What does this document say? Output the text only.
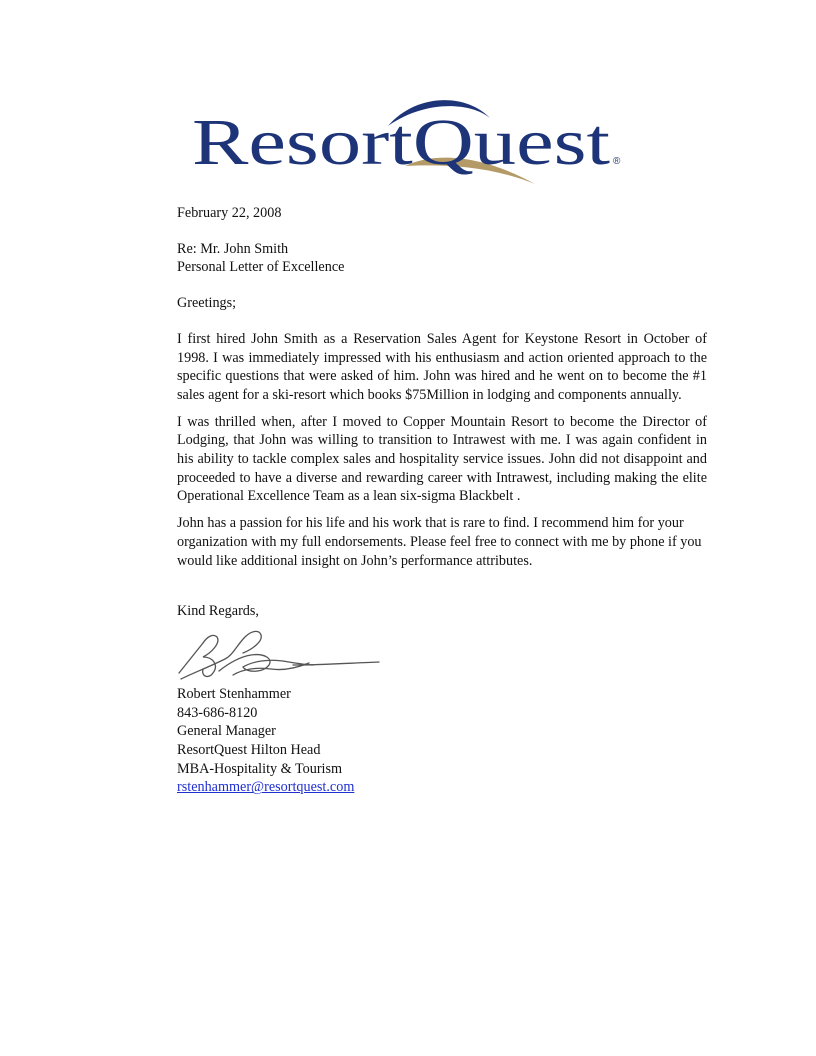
ResortQuest ®

February 22, 2008

Re: Mr. John Smith

Personal Letter of Excellence

Greetings;

I first hired John Smith as a Reservation Sales Agent for Keystone Resort in October of 1998. I was immediately impressed with his enthusiasm and action oriented approach to the specific questions that were asked of him. John was hired and he went on to become the #1 sales agent for a ski-resort which books $75Million in lodging and components annually.

I was thrilled when, after I moved to Copper Mountain Resort to become the Director of Lodging, that John was willing to transition to Intrawest with me. I was again confident in his ability to tackle complex sales and hospitality service issues. John did not disappoint and proceeded to have a diverse and rewarding career with Intrawest, including making the elite Operational Excellence Team as a lean six-sigma Blackbelt .

John has a passion for his life and his work that is rare to find. I recommend him for your organization with my full endorsements. Please feel free to connect with me by phone if you would like additional insight on John’s performance attributes.

Kind Regards,

Robert Stenhammer

843-686-8120

General Manager

ResortQuest Hilton Head

MBA-Hospitality & Tourism

rstenhammer@resortquest.com
